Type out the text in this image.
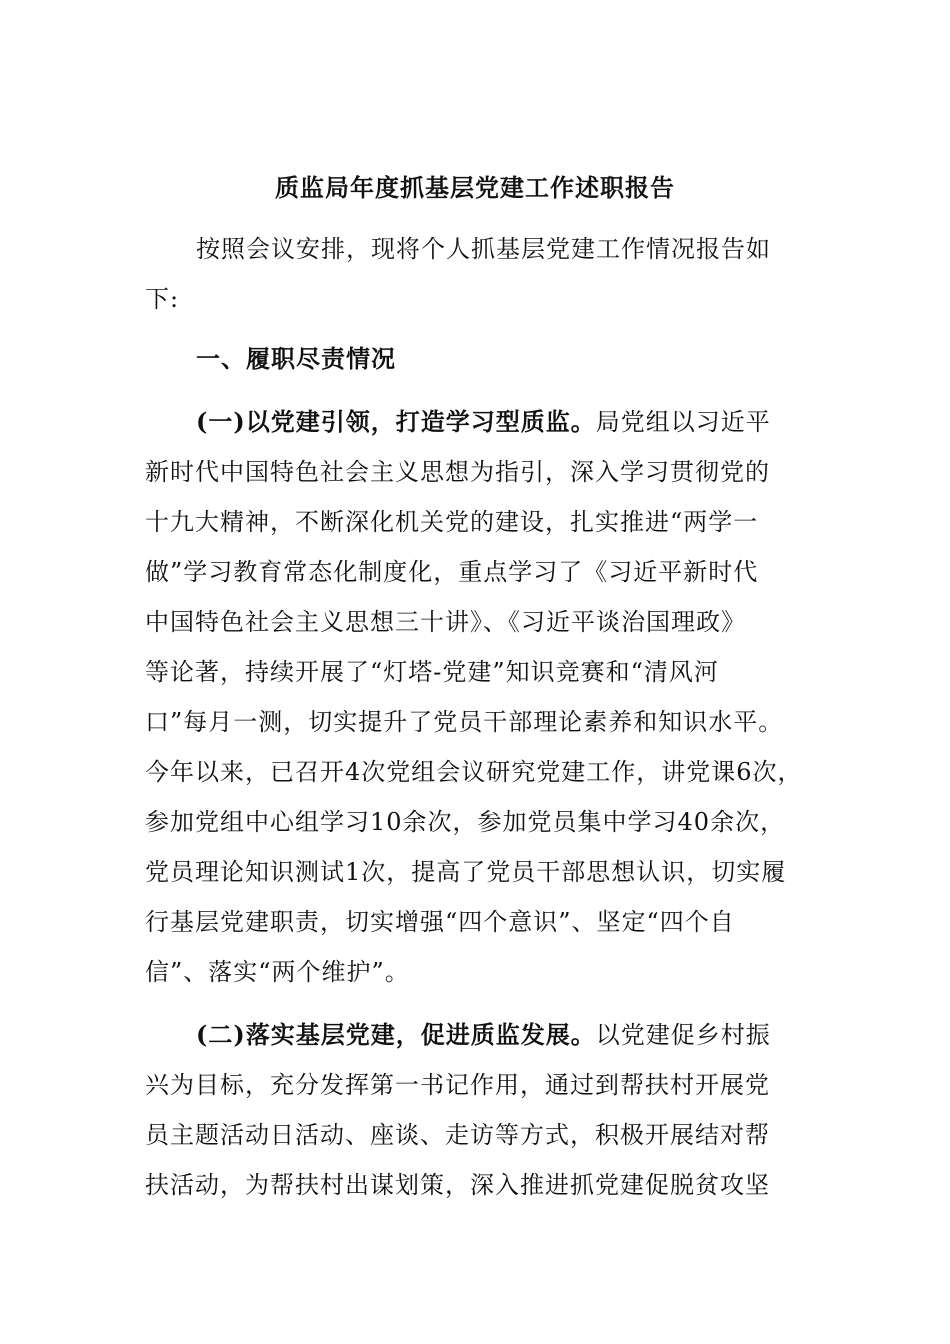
质监局年度抓基层党建工作述职报告
按照会议安排，现将个人抓基层党建工作情况报告如
下:
一、履职尽责情况
(一)以党建引领，打造学习型质监。局党组以习近平
新时代中国特色社会主义思想为指引，深入学习贯彻党的
十九大精神，不断深化机关党的建设，扎实推进“两学一
做”学习教育常态化制度化，重点学习了《习近平新时代
中国特色社会主义思想三十讲》、《习近平谈治国理政》
等论著，持续开展了“灯塔-党建”知识竞赛和“清风河
口”每月一测，切实提升了党员干部理论素养和知识水平。
今年以来，已召开4次党组会议研究党建工作，讲党课6次，
参加党组中心组学习10余次，参加党员集中学习40余次，
党员理论知识测试1次，提高了党员干部思想认识，切实履
行基层党建职责，切实增强“四个意识”、坚定“四个自
信”、落实“两个维护”。
(二)落实基层党建，促进质监发展。以党建促乡村振
兴为目标，充分发挥第一书记作用，通过到帮扶村开展党
员主题活动日活动、座谈、走访等方式，积极开展结对帮
扶活动，为帮扶村出谋划策，深入推进抓党建促脱贫攻坚
